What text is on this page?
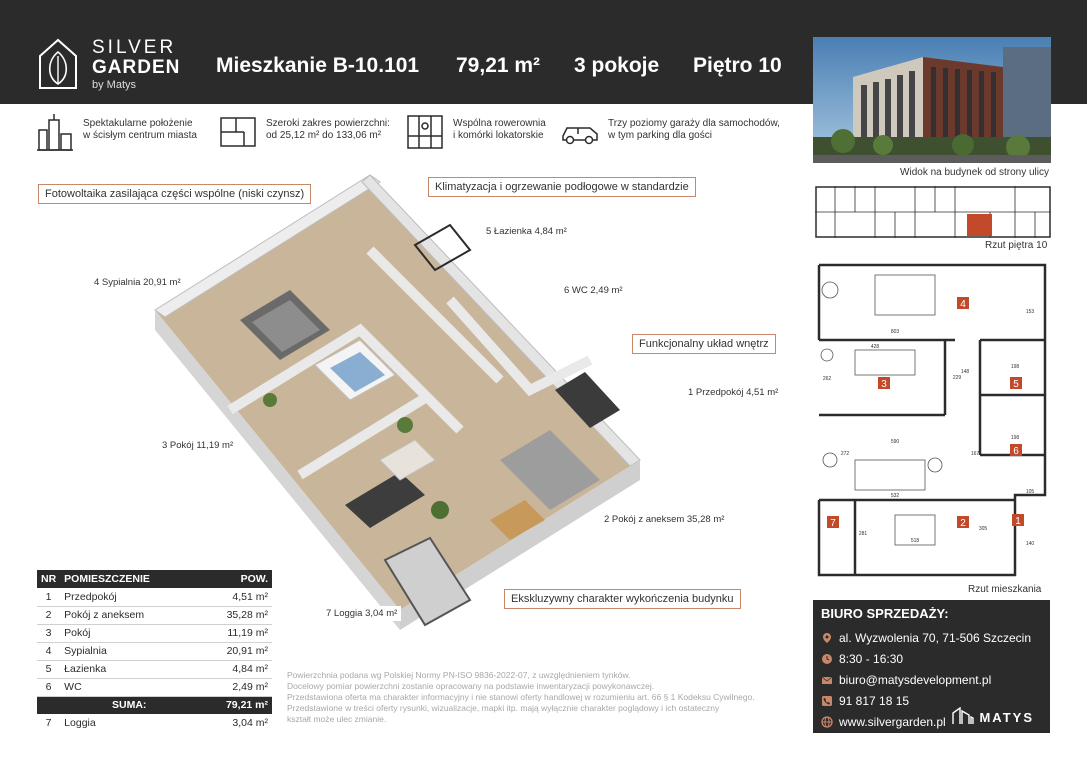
SILVER
GARDEN
by Matys
Mieszkanie B-10.101 79,21 m² 3 pokoje Piętro 10
Widok na budynek od strony ulicy
Spektakularne położenie
w ścisłym centrum miasta
Szeroki zakres powierzchni:
od 25,12 m² do 133,06 m²
Wspólna rowerownia
i komórki lokatorskie
Trzy poziomy garaży dla samochodów,
w tym parking dla gości
Fotowoltaika zasilająca części wspólne (niski czynsz)
Klimatyzacja i ogrzewanie podłogowe w standardzie
Funkcjonalny układ wnętrz
Ekskluzywny charakter wykończenia budynku
5 Łazienka 4,84 m²
4 Sypialnia 20,91 m²
6 WC 2,49 m²
1 Przedpokój 4,51 m²
3 Pokój 11,19 m²
2 Pokój z aneksem 35,28 m²
7 Loggia 3,04 m²
Rzut piętra 10
4
3	5
6
7	2	1
803
590
532
518
148
198
198
140
105
305
272
281
262
153
428
229
167
Rzut mieszkania
BIURO SPRZEDAŻY:
al. Wyzwolenia 70, 71-506 Szczecin
8:30 - 16:30
biuro@matysdevelopment.pl
91 817 18 15
www.silvergarden.pl	MATYS
NR	POMIESZCZENIE	POW.
1	Przedpokój	4,51 m²
2	Pokój z aneksem	35,28 m²
3	Pokój	11,19 m²
4	Sypialnia	20,91 m²
5	Łazienka	4,84 m²
6	WC	2,49 m²
	SUMA:	79,21 m²
7	Loggia	3,04 m²
Powierzchnia podana wg Polskiej Normy PN-ISO 9836-2022-07, z uwzględnieniem tynków.
Docelowy pomiar powierzchni zostanie opracowany na podstawie inwentaryzacji powykonawczej.
Przedstawiona oferta ma charakter informacyjny i nie stanowi oferty handlowej w rozumieniu art. 66 § 1 Kodeksu Cywilnego.
Przedstawione w treści oferty rysunki, wizualizacje, mapki itp. mają wyłącznie charakter poglądowy i ich ostateczny
kształt może ulec zmianie.
